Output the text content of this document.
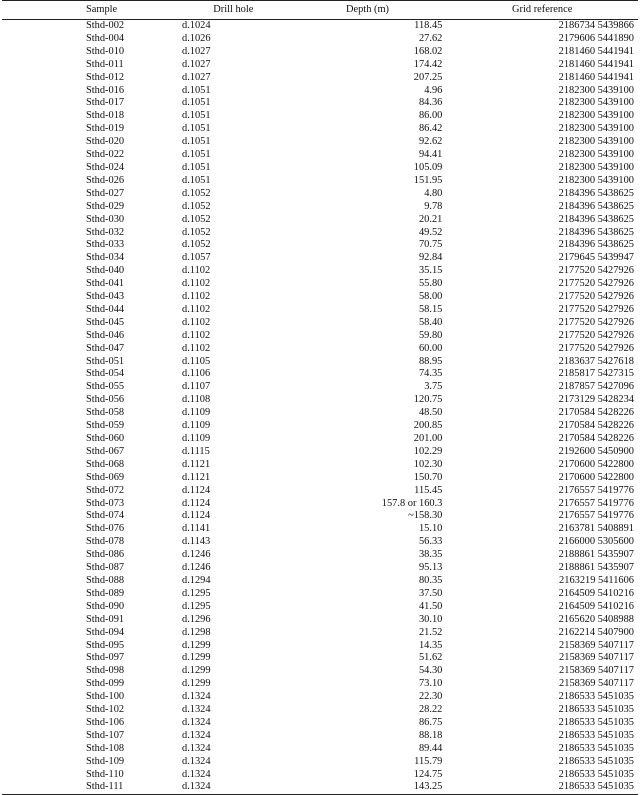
Sample	Drill hole	Depth (m)	Grid reference
Sthd-002	d.1024	118.45	2186734 5439866
Sthd-004	d.1026	27.62	2179606 5441890
Sthd-010	d.1027	168.02	2181460 5441941
Sthd-011	d.1027	174.42	2181460 5441941
Sthd-012	d.1027	207.25	2181460 5441941
Sthd-016	d.1051	4.96	2182300 5439100
Sthd-017	d.1051	84.36	2182300 5439100
Sthd-018	d.1051	86.00	2182300 5439100
Sthd-019	d.1051	86.42	2182300 5439100
Sthd-020	d.1051	92.62	2182300 5439100
Sthd-022	d.1051	94.41	2182300 5439100
Sthd-024	d.1051	105.09	2182300 5439100
Sthd-026	d.1051	151.95	2182300 5439100
Sthd-027	d.1052	4.80	2184396 5438625
Sthd-029	d.1052	9.78	2184396 5438625
Sthd-030	d.1052	20.21	2184396 5438625
Sthd-032	d.1052	49.52	2184396 5438625
Sthd-033	d.1052	70.75	2184396 5438625
Sthd-034	d.1057	92.84	2179645 5439947
Sthd-040	d.1102	35.15	2177520 5427926
Sthd-041	d.1102	55.80	2177520 5427926
Sthd-043	d.1102	58.00	2177520 5427926
Sthd-044	d.1102	58.15	2177520 5427926
Sthd-045	d.1102	58.40	2177520 5427926
Sthd-046	d.1102	59.80	2177520 5427926
Sthd-047	d.1102	60.00	2177520 5427926
Sthd-051	d.1105	88.95	2183637 5427618
Sthd-054	d.1106	74.35	2185817 5427315
Sthd-055	d.1107	3.75	2187857 5427096
Sthd-056	d.1108	120.75	2173129 5428234
Sthd-058	d.1109	48.50	2170584 5428226
Sthd-059	d.1109	200.85	2170584 5428226
Sthd-060	d.1109	201.00	2170584 5428226
Sthd-067	d.1115	102.29	2192600 5450900
Sthd-068	d.1121	102.30	2170600 5422800
Sthd-069	d.1121	150.70	2170600 5422800
Sthd-072	d.1124	115.45	2176557 5419776
Sthd-073	d.1124	157.8 or 160.3	2176557 5419776
Sthd-074	d.1124	~158.30	2176557 5419776
Sthd-076	d.1141	15.10	2163781 5408891
Sthd-078	d.1143	56.33	2166000 5305600
Sthd-086	d.1246	38.35	2188861 5435907
Sthd-087	d.1246	95.13	2188861 5435907
Sthd-088	d.1294	80.35	2163219 5411606
Sthd-089	d.1295	37.50	2164509 5410216
Sthd-090	d.1295	41.50	2164509 5410216
Sthd-091	d.1296	30.10	2165620 5408988
Sthd-094	d.1298	21.52	2162214 5407900
Sthd-095	d.1299	14.35	2158369 5407117
Sthd-097	d.1299	51.62	2158369 5407117
Sthd-098	d.1299	54.30	2158369 5407117
Sthd-099	d.1299	73.10	2158369 5407117
Sthd-100	d.1324	22.30	2186533 5451035
Sthd-102	d.1324	28.22	2186533 5451035
Sthd-106	d.1324	86.75	2186533 5451035
Sthd-107	d.1324	88.18	2186533 5451035
Sthd-108	d.1324	89.44	2186533 5451035
Sthd-109	d.1324	115.79	2186533 5451035
Sthd-110	d.1324	124.75	2186533 5451035
Sthd-111	d.1324	143.25	2186533 5451035
